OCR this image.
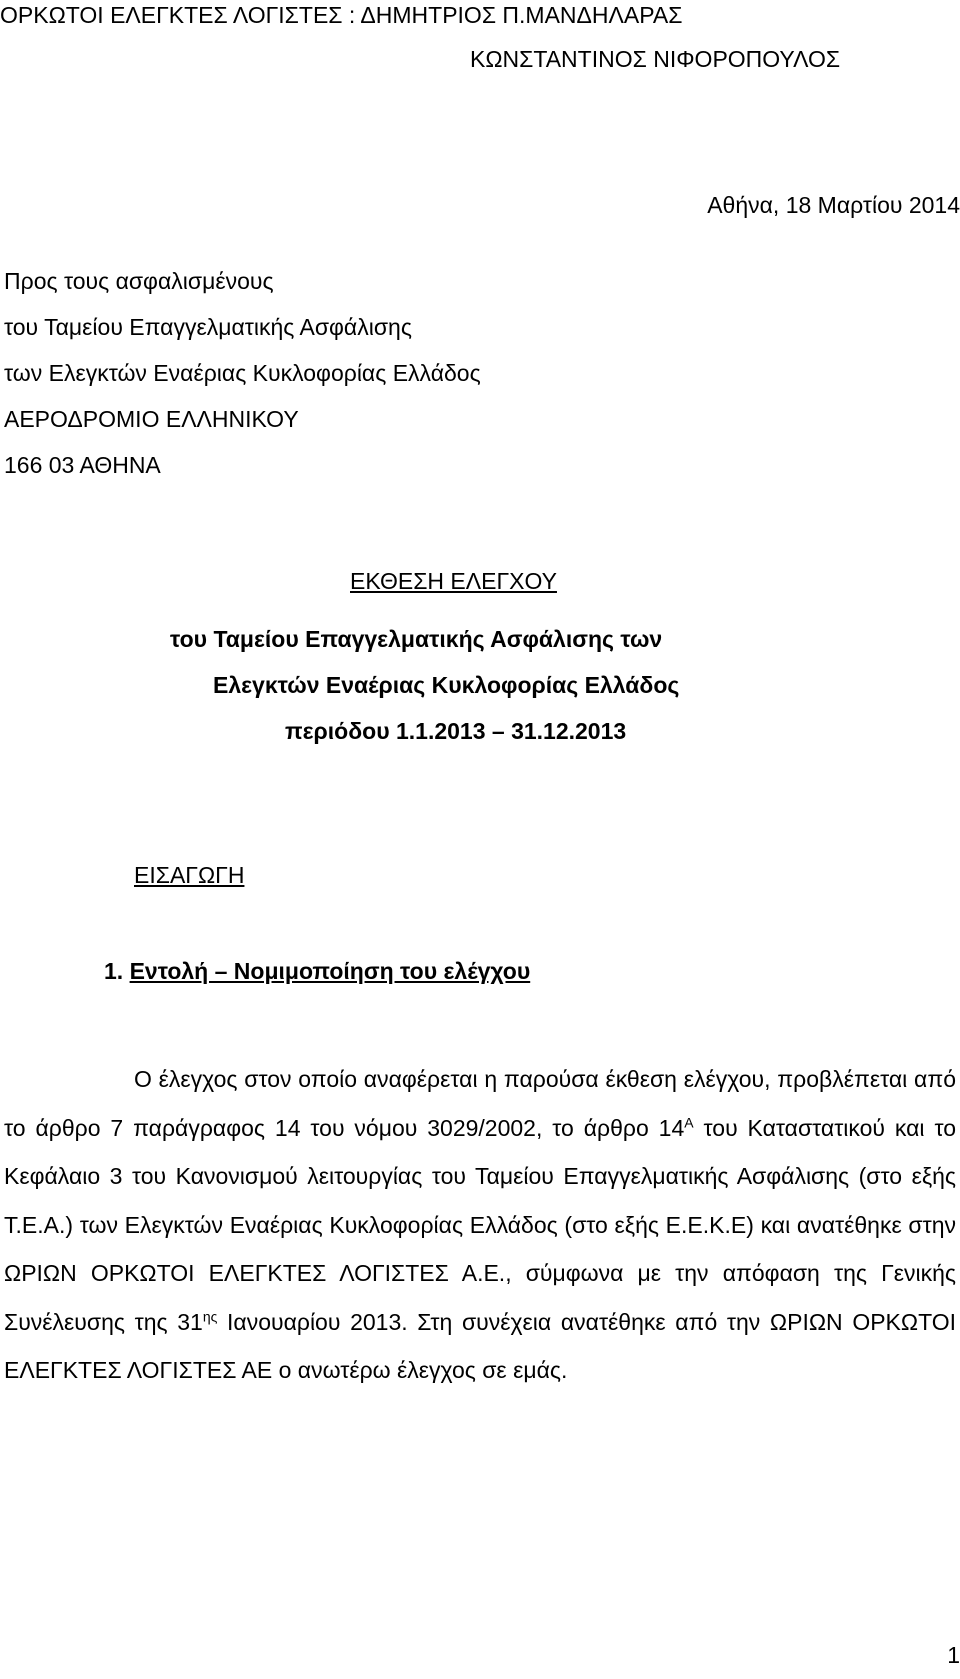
ΟΡΚΩΤΟΙ ΕΛΕΓΚΤΕΣ ΛΟΓΙΣΤΕΣ : ΔΗΜΗΤΡΙΟΣ Π.ΜΑΝΔΗΛΑΡΑΣ
ΚΩΝΣΤΑΝΤΙΝΟΣ ΝΙΦΟΡΟΠΟΥΛΟΣ
Αθήνα, 18 Μαρτίου 2014
Προς τους ασφαλισμένους
του Ταμείου Επαγγελματικής Ασφάλισης
των Ελεγκτών Εναέριας Κυκλοφορίας Ελλάδος
ΑΕΡΟΔΡΟΜΙΟ ΕΛΛΗΝΙΚΟΥ
166 03 ΑΘΗΝΑ
ΕΚΘΕΣΗ ΕΛΕΓΧΟΥ
του Ταμείου Επαγγελματικής Ασφάλισης των
Ελεγκτών Εναέριας Κυκλοφορίας Ελλάδος
περιόδου 1.1.2013 – 31.12.2013
ΕΙΣΑΓΩΓΗ
1. Εντολή – Νομιμοποίηση του ελέγχου

Ο έλεγχος στον οποίο αναφέρεται η παρούσα έκθεση ελέγχου, προβλέπεται από το άρθρο 7 παράγραφος 14 του νόμου 3029/2002, το άρθρο $14^A$ του Καταστατικού και το Κεφάλαιο 3 του Κανονισμού λειτουργίας του Ταμείου Επαγγελματικής Ασφάλισης (στο εξής Τ.Ε.Α.) των Ελεγκτών Εναέριας Κυκλοφορίας Ελλάδος (στο εξής Ε.Ε.Κ.Ε) και ανατέθηκε στην ΩΡΙΩΝ ΟΡΚΩΤΟΙ ΕΛΕΓΚΤΕΣ ΛΟΓΙΣΤΕΣ Α.Ε., σύμφωνα με την απόφαση της Γενικής Συνέλευσης της $31^{\eta\varsigma}$ Ιανουαρίου 2013. Στη συνέχεια ανατέθηκε από την ΩΡΙΩΝ ΟΡΚΩΤΟΙ ΕΛΕΓΚΤΕΣ ΛΟΓΙΣΤΕΣ ΑΕ ο ανωτέρω έλεγχος σε εμάς.

1
